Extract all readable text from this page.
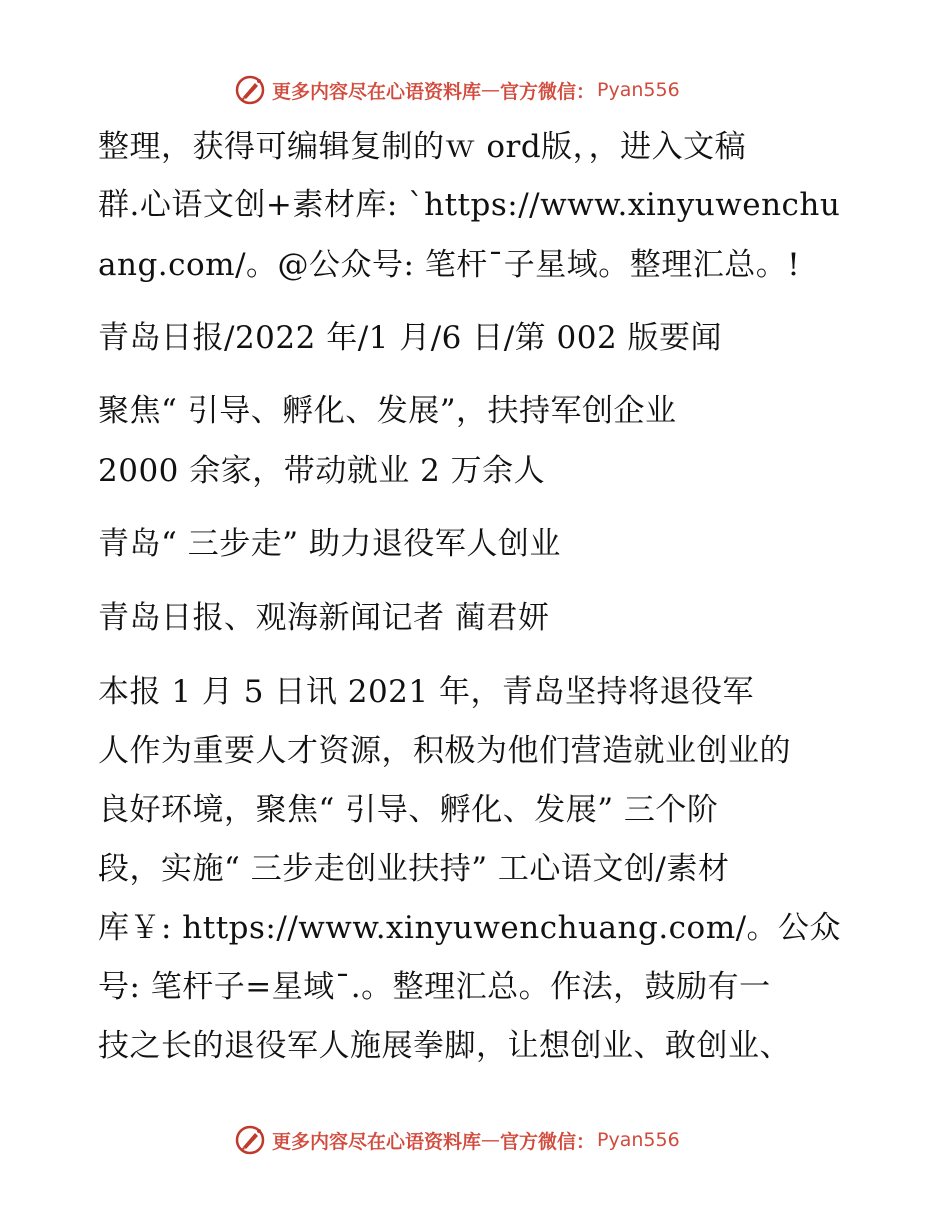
更多内容尽在心语资料库 — 官方微信： Pyan556
整理，获得可编辑复制的ｗ ord版，，进入文稿
群.心语文创+素材库: `https://www.xinyuwenchu
ang.com/。@公众号: 笔杆¯子星域。整理汇总。!
青岛日报/2022 年/1 月/6 日/第 002 版要闻
聚焦“ 引导、孵化、发展”，扶持军创企业
2000 余家，带动就业 2 万余人
青岛“ 三步走” 助力退役军人创业
青岛日报、观海新闻记者 蔺君妍
本报 1 月 5 日讯 2021 年，青岛坚持将退役军
人作为重要人才资源，积极为他们营造就业创业的
良好环境，聚焦“ 引导、孵化、发展” 三个阶
段，实施“ 三步走创业扶持” 工心语文创/素材
库￥: https://www.xinyuwenchuang.com/。公众
号: 笔杆子=星域¯.。整理汇总。作法，鼓励有一
技之长的退役军人施展拳脚，让想创业、敢创业、
更多内容尽在心语资料库 — 官方微信： Pyan556
